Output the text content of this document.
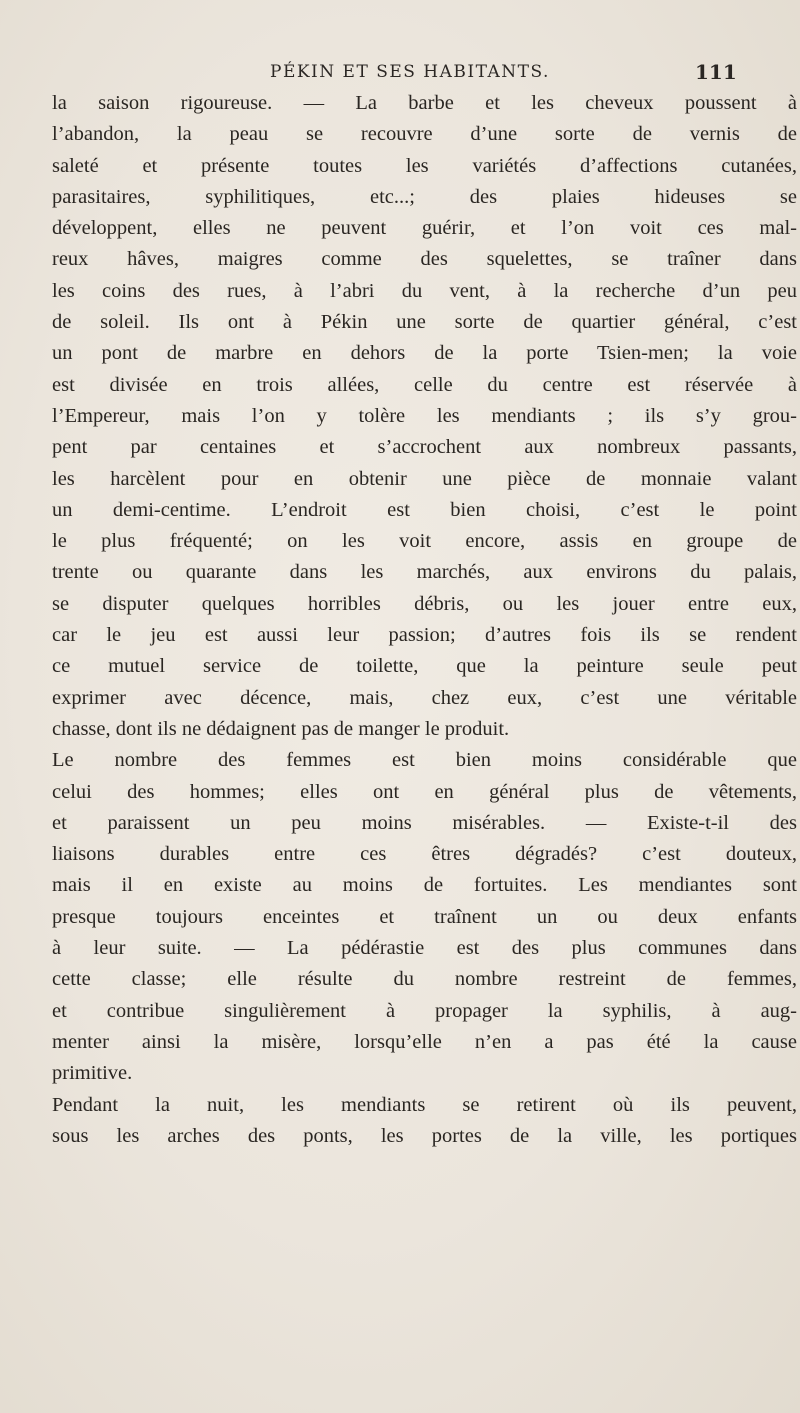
PÉKIN ET SES HABITANTS.	111
la saison rigoureuse. — La barbe et les cheveux poussent à
l’abandon, la peau se recouvre d’une sorte de vernis de
saleté et présente toutes les variétés d’affections cutanées,
parasitaires, syphilitiques, etc...; des plaies hideuses se
développent, elles ne peuvent guérir, et l’on voit ces mal-
reux hâves, maigres comme des squelettes, se traîner dans
les coins des rues, à l’abri du vent, à la recherche d’un peu
de soleil. Ils ont à Pékin une sorte de quartier général, c’est
un pont de marbre en dehors de la porte Tsien-men; la voie
est divisée en trois allées, celle du centre est réservée à
l’Empereur, mais l’on y tolère les mendiants ; ils s’y grou-
pent par centaines et s’accrochent aux nombreux passants,
les harcèlent pour en obtenir une pièce de monnaie valant
un demi-centime. L’endroit est bien choisi, c’est le point
le plus fréquenté; on les voit encore, assis en groupe de
trente ou quarante dans les marchés, aux environs du palais,
se disputer quelques horribles débris, ou les jouer entre eux,
car le jeu est aussi leur passion; d’autres fois ils se rendent
ce mutuel service de toilette, que la peinture seule peut
exprimer avec décence, mais, chez eux, c’est une véritable
chasse, dont ils ne dédaignent pas de manger le produit.
Le nombre des femmes est bien moins considérable que
celui des hommes; elles ont en général plus de vêtements,
et paraissent un peu moins misérables. — Existe-t-il des
liaisons durables entre ces êtres dégradés? c’est douteux,
mais il en existe au moins de fortuites. Les mendiantes sont
presque toujours enceintes et traînent un ou deux enfants
à leur suite. — La pédérastie est des plus communes dans
cette classe; elle résulte du nombre restreint de femmes,
et contribue singulièrement à propager la syphilis, à aug-
menter ainsi la misère, lorsqu’elle n’en a pas été la cause
primitive.
Pendant la nuit, les mendiants se retirent où ils peuvent,
sous les arches des ponts, les portes de la ville, les portiques
